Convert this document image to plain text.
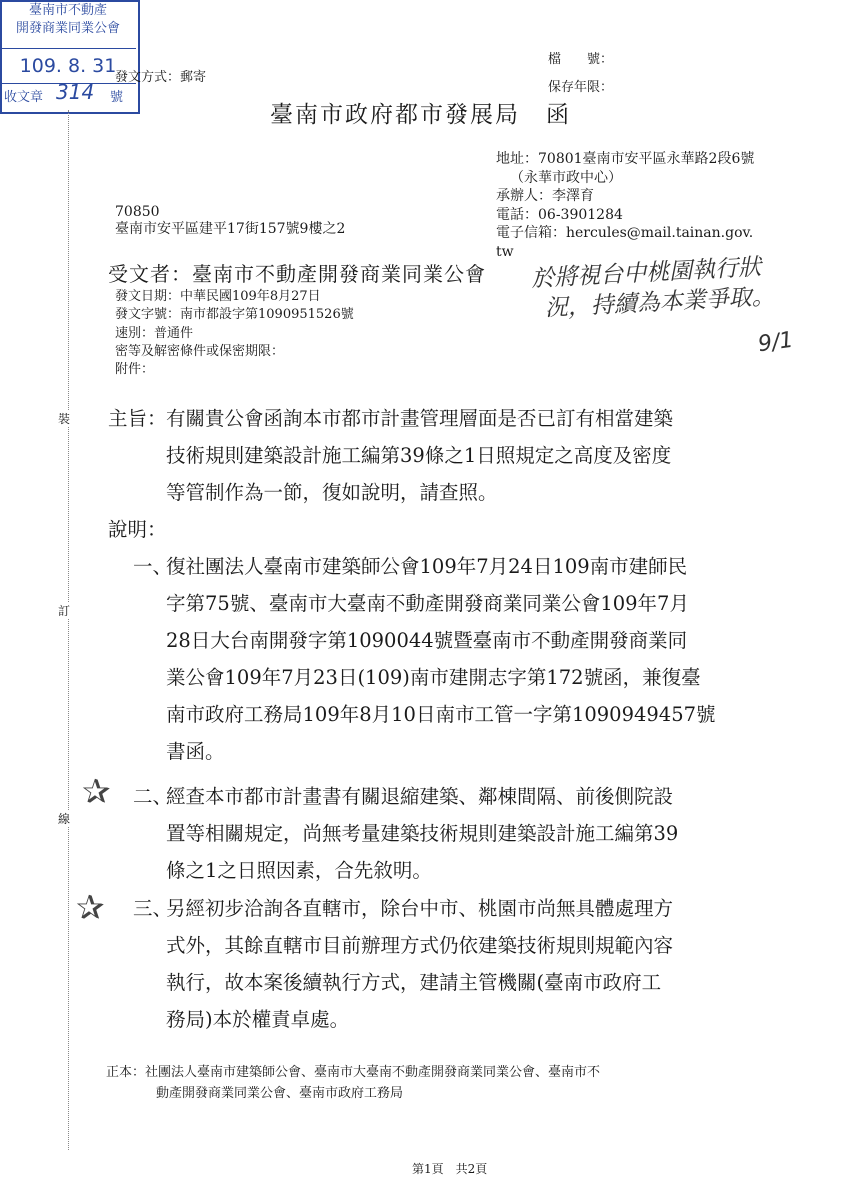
發文方式：郵寄
檔　　號：
保存年限：
臺南市政府都市發展局 函
臺南市不動產
開發商業同業公會
109. 8. 31
收文章 314 號
地址：70801臺南市安平區永華路2段6號
（永華市政中心）
承辦人：李澤育
電話：06-3901284
電子信箱：hercules@mail.tainan.gov.
tw
70850
臺南市安平區建平17街157號9樓之2
受文者：臺南市不動產開發商業同業公會
發文日期：中華民國109年8月27日
發文字號：南市都設字第1090951526號
速別：普通件
密等及解密條件或保密期限：
附件：
於將視台中桃園執行狀
況，持續為本業爭取。
9/1
裝
訂
線
主旨： 有關貴公會函詢本市都市計畫管理層面是否已訂有相當建築
技術規則建築設計施工編第39條之1日照規定之高度及密度
等管制作為一節，復如說明，請查照。
說明：
一、
復社團法人臺南市建築師公會109年7月24日109南市建師民
字第75號、臺南市大臺南不動產開發商業同業公會109年7月
28日大台南開發字第1090044號暨臺南市不動產開發商業同
業公會109年7月23日(109)南市建開志字第172號函，兼復臺
南市政府工務局109年8月10日南市工管一字第1090949457號
書函。
✰ 二、
經查本市都市計畫書有關退縮建築、鄰棟間隔、前後側院設
置等相關規定，尚無考量建築技術規則建築設計施工編第39
條之1之日照因素，合先敘明。
✰ 三、
另經初步洽詢各直轄市，除台中市、桃園市尚無具體處理方
式外，其餘直轄市目前辦理方式仍依建築技術規則規範內容
執行，故本案後續執行方式，建請主管機關(臺南市政府工
務局)本於權責卓處。
正本：社團法人臺南市建築師公會、臺南市大臺南不動產開發商業同業公會、臺南市不
動產開發商業同業公會、臺南市政府工務局
第1頁　共2頁
